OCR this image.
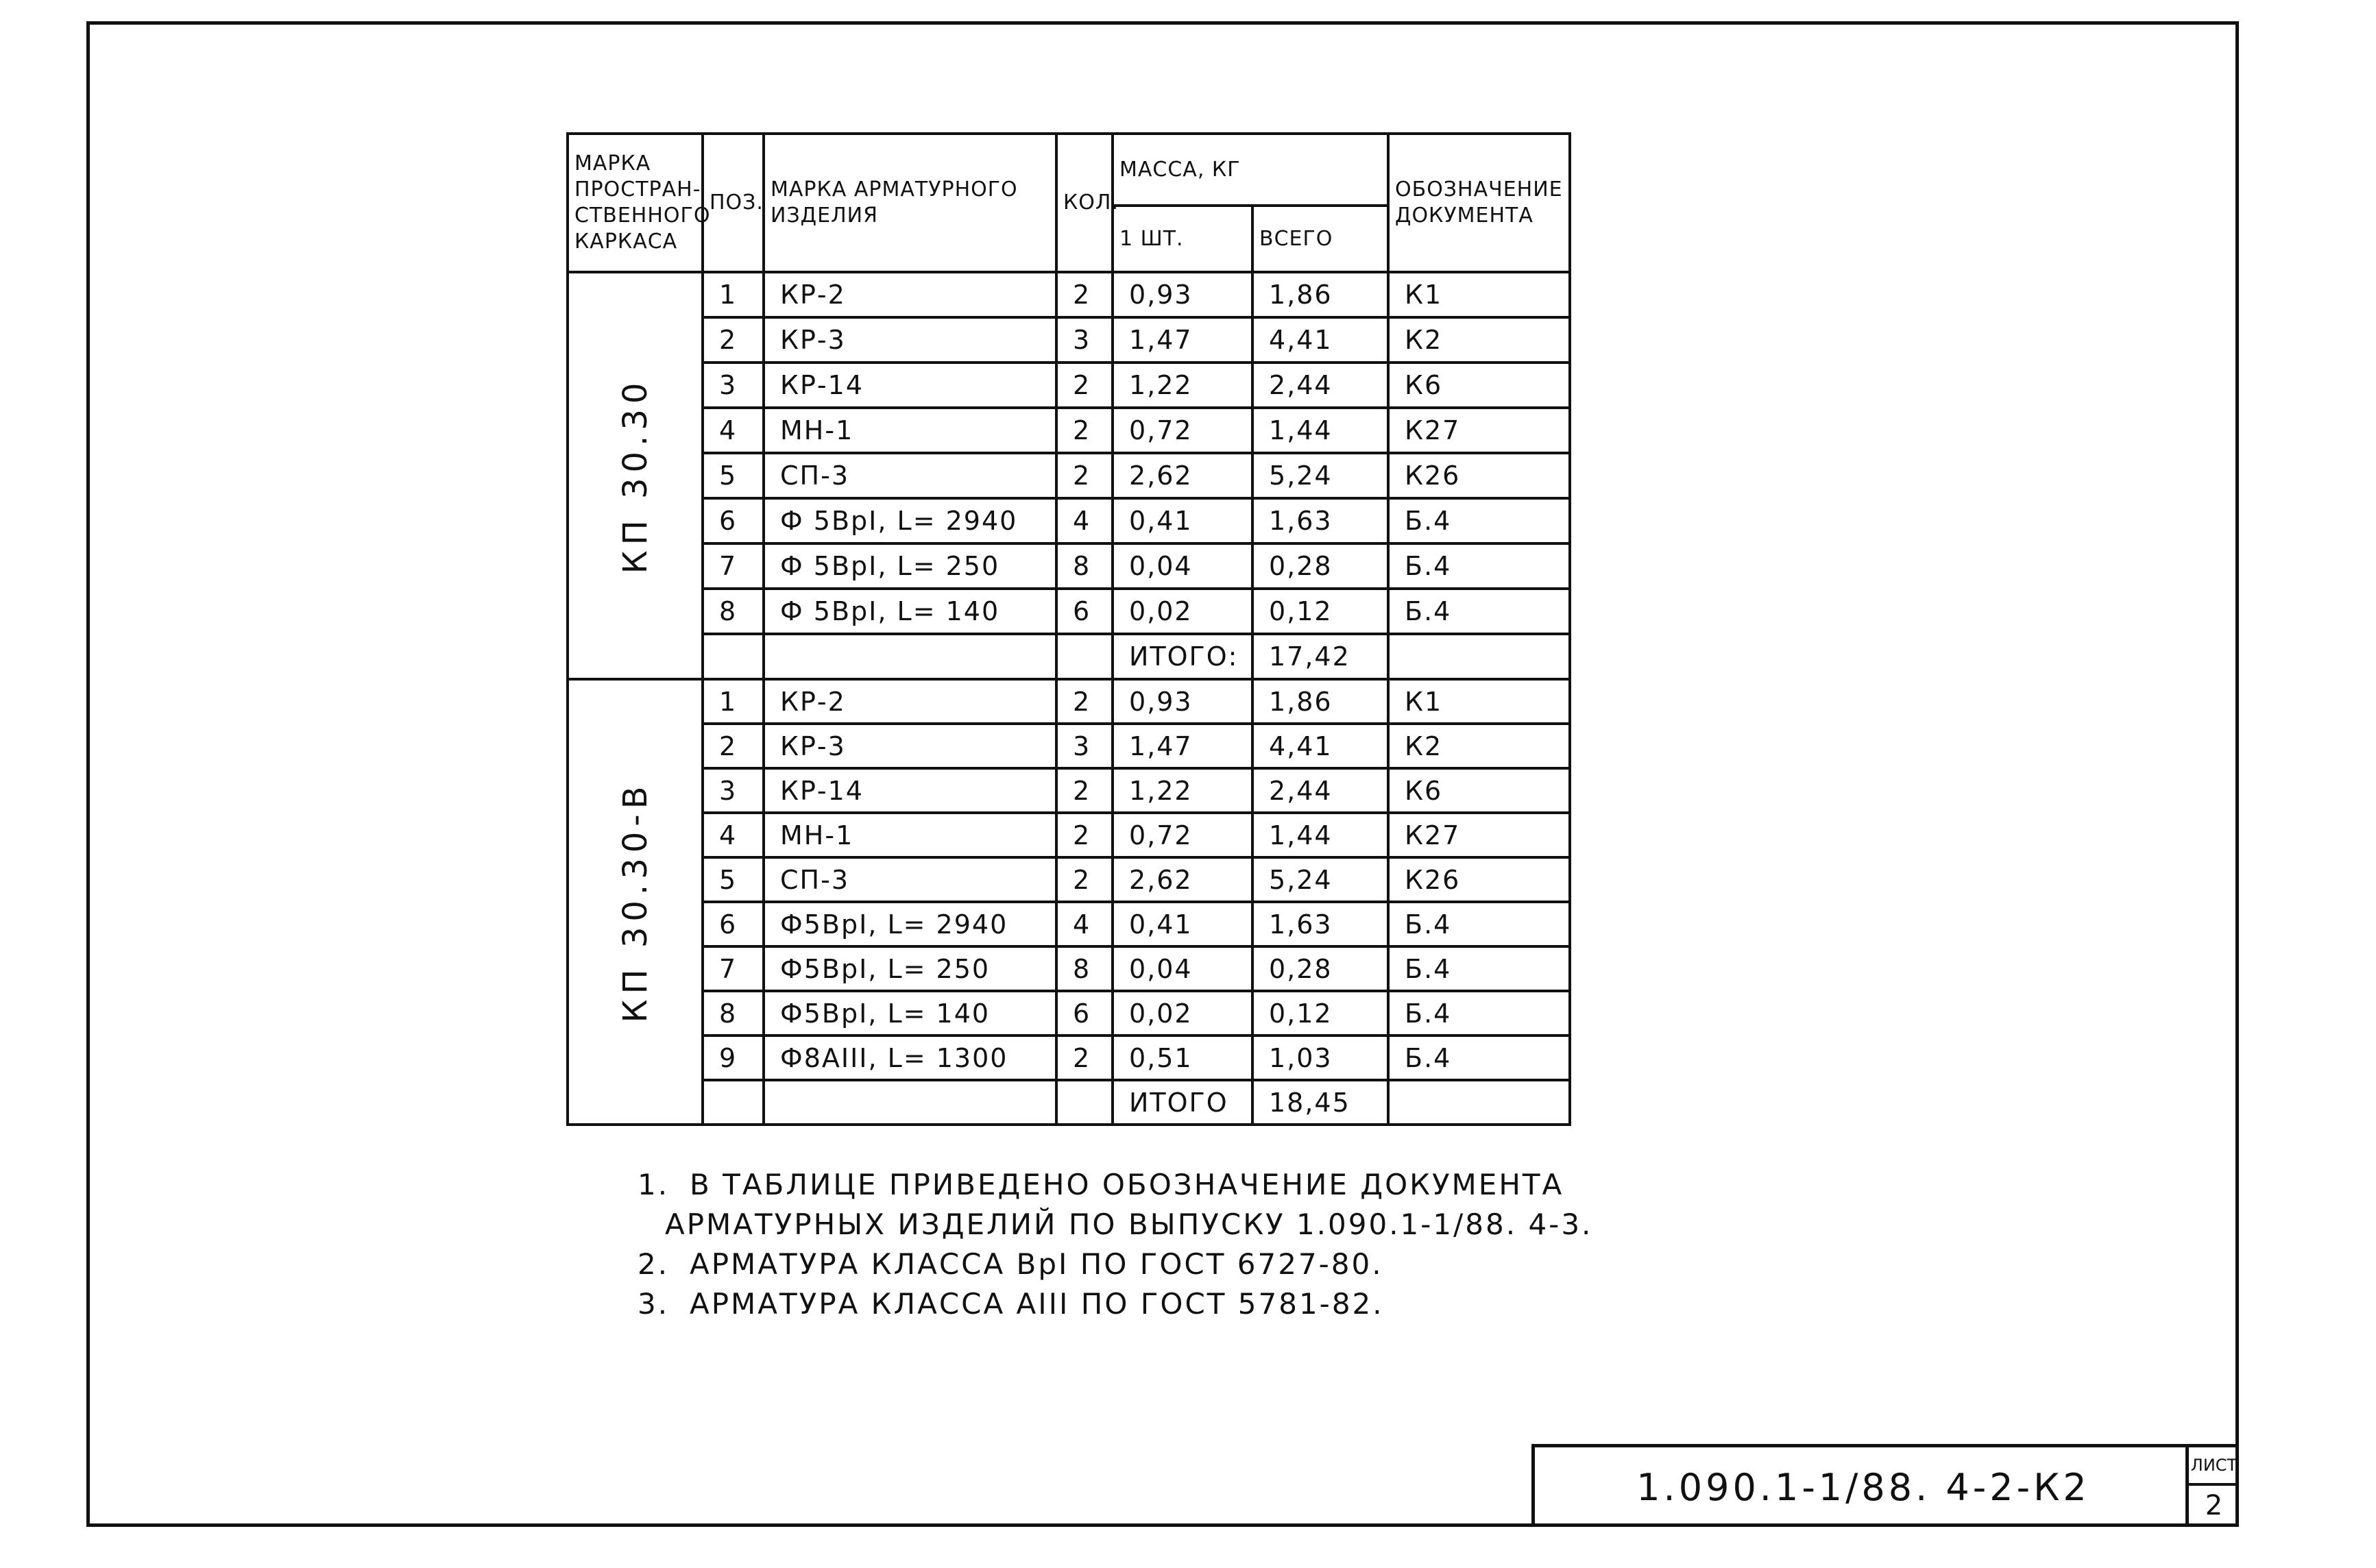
МАРКА ПРОСТРАН-СТВЕННОГО КАРКАСА	ПОЗ.	МАРКА АРМАТУРНОГО ИЗДЕЛИЯ	КОЛ.	МАССА, КГ		ОБОЗНАЧЕНИЕ ДОКУМЕНТА
				1 ШТ.	ВСЕГО	

КП 30.30	1	КР-2	2	0,93	1,86	К1
	2	КР-3	3	1,47	4,41	К2
	3	КР-14	2	1,22	2,44	К6
	4	МН-1	2	0,72	1,44	К27
	5	СП-3	2	2,62	5,24	К26
	6	Ф 5ВрI, L= 2940	4	0,41	1,63	Б.4
	7	Ф 5ВрI, L= 250	8	0,04	0,28	Б.4
	8	Ф 5ВрI, L= 140	6	0,02	0,12	Б.4
				ИТОГО:	17,42	

КП 30.30-В	1	КР-2	2	0,93	1,86	К1
	2	КР-3	3	1,47	4,41	К2
	3	КР-14	2	1,22	2,44	К6
	4	МН-1	2	0,72	1,44	К27
	5	СП-3	2	2,62	5,24	К26
	6	Ф5ВрI, L= 2940	4	0,41	1,63	Б.4
	7	Ф5ВрI, L= 250	8	0,04	0,28	Б.4
	8	Ф5ВрI, L= 140	6	0,02	0,12	Б.4
	9	Ф8АIII, L= 1300	2	0,51	1,03	Б.4
				ИТОГО	18,45	
1. В ТАБЛИЦЕ ПРИВЕДЕНО ОБОЗНАЧЕНИЕ ДОКУМЕНТА
АРМАТУРНЫХ ИЗДЕЛИЙ ПО ВЫПУСКУ 1.090.1-1/88. 4-3.
2. АРМАТУРА КЛАССА ВрI ПО ГОСТ 6727-80.
3. АРМАТУРА КЛАССА АIII ПО ГОСТ 5781-82.
1.090.1-1/88. 4-2-К2
ЛИСТ
2
